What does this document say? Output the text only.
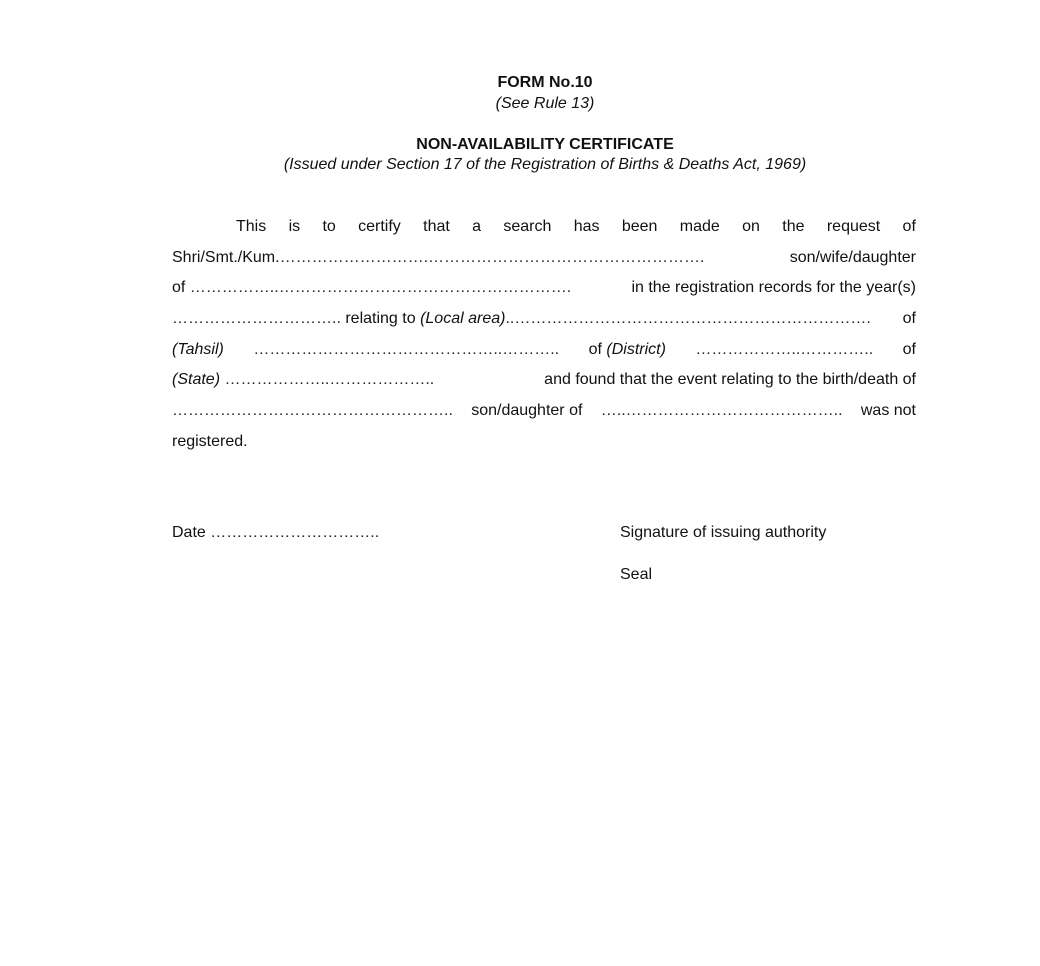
FORM No.10
(See Rule 13)
NON-AVAILABILITY CERTIFICATE
(Issued under Section 17 of the Registration of Births & Deaths Act, 1969)
This is to certify that a search has been made on the request of
Shri/Smt./Kum.……………………….…………………………………………….	son/wife/daughter
of ……………..……………………………………………….	in the registration records for the year(s)
………………………….. relating to (Local area)..…………………………………………………………. of
(Tahsil) ………………………………………..……….. of (District) ………………..………….. of
(State) ………………..………………..	and found that the event relating to the birth/death of
…………………………………………….. son/daughter of …..………………………………….. was not
registered.
Date …………………………..	Signature of issuing authority
Seal
